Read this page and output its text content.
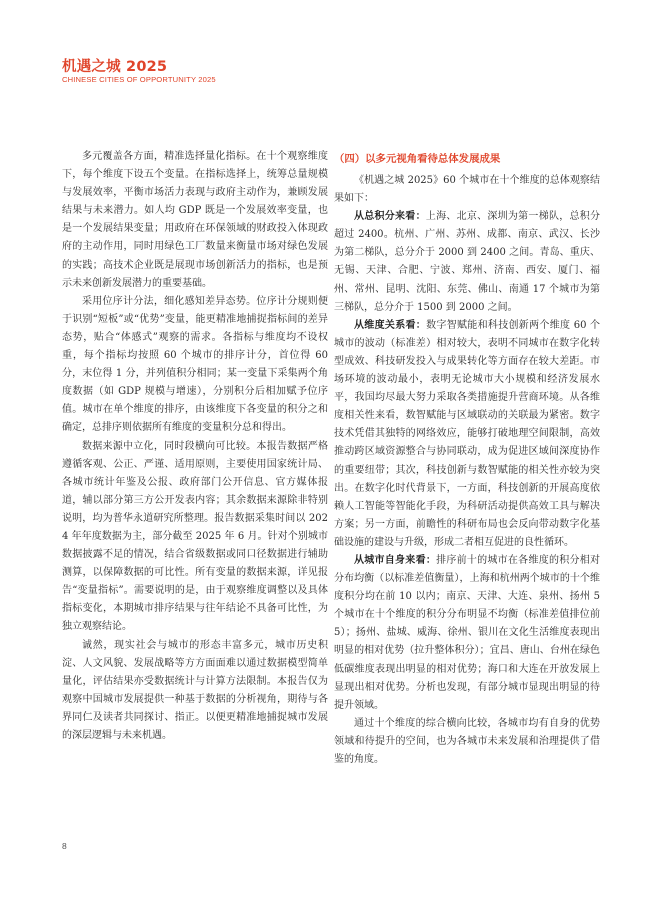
机遇之城 2025
CHINESE CITIES OF OPPORTUNITY 2025

多元覆盖各方面，精准选择量化指标。在十个观察维度下，每个维度下设五个变量。在指标选择上，统筹总量规模与发展效率，平衡市场活力表现与政府主动作为，兼顾发展结果与未来潜力。如人均 GDP 既是一个发展效率变量，也是一个发展结果变量；用政府在环保领域的财政投入体现政府的主动作用，同时用绿色工厂数量来衡量市场对绿色发展的实践；高技术企业既是展现市场创新活力的指标，也是预示未来创新发展潜力的重要基础。

采用位序计分法，细化感知差异态势。位序计分规则便于识别“短板”或“优势”变量，能更精准地捕捉指标间的差异态势，贴合“体感式”观察的需求。各指标与维度均不设权重，每个指标均按照 60 个城市的排序计分，首位得 60 分，末位得 1 分，并列值积分相同；某一变量下采集两个角度数据（如 GDP 规模与增速），分别积分后相加赋予位序值。城市在单个维度的排序，由该维度下各变量的积分之和确定，总排序则依据所有维度的变量积分总和得出。

数据来源中立化，同时段横向可比较。本报告数据严格遵循客观、公正、严谨、适用原则，主要使用国家统计局、各城市统计年鉴及公报、政府部门公开信息、官方媒体报道，辅以部分第三方公开发表内容；其余数据来源除非特别说明，均为普华永道研究所整理。报告数据采集时间以 2024 年年度数据为主，部分截至 2025 年 6 月。针对个别城市数据披露不足的情况，结合省级数据或同口径数据进行辅助测算，以保障数据的可比性。所有变量的数据来源，详见报告“变量指标”。需要说明的是，由于观察维度调整以及具体指标变化，本期城市排序结果与往年结论不具备可比性，为独立观察结论。

诚然，现实社会与城市的形态丰富多元，城市历史积淀、人文风貌、发展战略等方方面面难以通过数据模型简单量化，评估结果亦受数据统计与计算方法限制。本报告仅为观察中国城市发展提供一种基于数据的分析视角，期待与各界同仁及读者共同探讨、指正。以便更精准地捕捉城市发展的深层逻辑与未来机遇。

（四）以多元视角看待总体发展成果

《机遇之城 2025》60 个城市在十个维度的总体观察结果如下：

从总积分来看：上海、北京、深圳为第一梯队，总积分超过 2400。杭州、广州、苏州、成都、南京、武汉、长沙为第二梯队，总分介于 2000 到 2400 之间。青岛、重庆、无锡、天津、合肥、宁波、郑州、济南、西安、厦门、福州、常州、昆明、沈阳、东莞、佛山、南通 17 个城市为第三梯队，总分介于 1500 到 2000 之间。

从维度关系看：数字智赋能和科技创新两个维度 60 个城市的波动（标准差）相对较大，表明不同城市在数字化转型成效、科技研发投入与成果转化等方面存在较大差距。市场环境的波动最小，表明无论城市大小规模和经济发展水平，我国均尽最大努力采取各类措施提升营商环境。从各维度相关性来看，数智赋能与区域联动的关联最为紧密。数字技术凭借其独特的网络效应，能够打破地理空间限制，高效推动跨区域资源整合与协同联动，成为促进区域间深度协作的重要纽带；其次，科技创新与数智赋能的相关性亦较为突出。在数字化时代背景下，一方面，科技创新的开展高度依赖人工智能等智能化手段，为科研活动提供高效工具与解决方案；另一方面，前瞻性的科研布局也会反向带动数字化基础设施的建设与升级，形成二者相互促进的良性循环。

从城市自身来看：排序前十的城市在各维度的积分相对分布均衡（以标准差值衡量），上海和杭州两个城市的十个维度积分均在前 10 以内；南京、天津、大连、泉州、扬州 5 个城市在十个维度的积分分布明显不均衡（标准差值排位前 5）；扬州、盐城、威海、徐州、银川在文化生活维度表现出明显的相对优势（拉升整体积分）；宜昌、唐山、台州在绿色低碳维度表现出明显的相对优势；海口和大连在开放发展上显现出相对优势。分析也发现，有部分城市显现出明显的待提升领域。

通过十个维度的综合横向比较，各城市均有自身的优势领域和待提升的空间，也为各城市未来发展和治理提供了借鉴的角度。

8
